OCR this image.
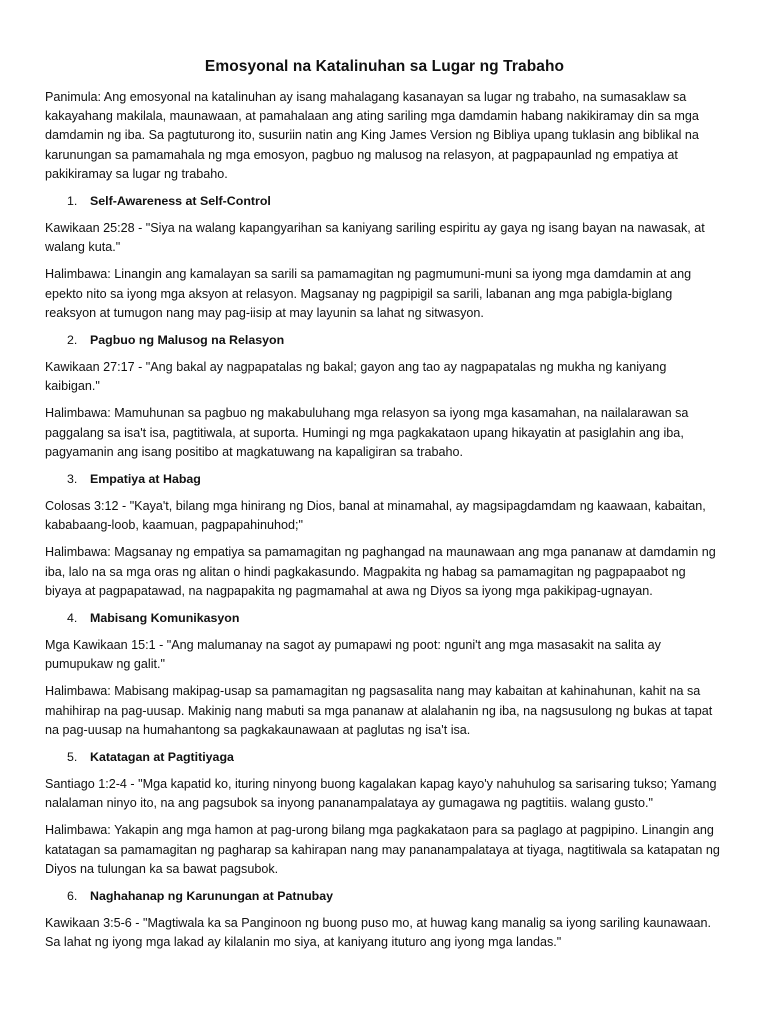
Emosyonal na Katalinuhan sa Lugar ng Trabaho

Panimula: Ang emosyonal na katalinuhan ay isang mahalagang kasanayan sa lugar ng trabaho, na sumasaklaw sa kakayahang makilala, maunawaan, at pamahalaan ang ating sariling mga damdamin habang nakikiramay din sa mga damdamin ng iba. Sa pagtuturong ito, susuriin natin ang King James Version ng Bibliya upang tuklasin ang biblikal na karunungan sa pamamahala ng mga emosyon, pagbuo ng malusog na relasyon, at pagpapaunlad ng empatiya at pakikiramay sa lugar ng trabaho.

1.	Self-Awareness at Self-Control

Kawikaan 25:28 - "Siya na walang kapangyarihan sa kaniyang sariling espiritu ay gaya ng isang bayan na nawasak, at walang kuta."

Halimbawa: Linangin ang kamalayan sa sarili sa pamamagitan ng pagmumuni-muni sa iyong mga damdamin at ang epekto nito sa iyong mga aksyon at relasyon. Magsanay ng pagpipigil sa sarili, labanan ang mga pabigla-biglang reaksyon at tumugon nang may pag-iisip at may layunin sa lahat ng sitwasyon.

2.	Pagbuo ng Malusog na Relasyon

Kawikaan 27:17 - "Ang bakal ay nagpapatalas ng bakal; gayon ang tao ay nagpapatalas ng mukha ng kaniyang kaibigan."

Halimbawa: Mamuhunan sa pagbuo ng makabuluhang mga relasyon sa iyong mga kasamahan, na nailalarawan sa paggalang sa isa't isa, pagtitiwala, at suporta. Humingi ng mga pagkakataon upang hikayatin at pasiglahin ang iba, pagyamanin ang isang positibo at magkatuwang na kapaligiran sa trabaho.

3.	Empatiya at Habag

Colosas 3:12 - "Kaya't, bilang mga hinirang ng Dios, banal at minamahal, ay magsipagdamdam ng kaawaan, kabaitan, kababaang-loob, kaamuan, pagpapahinuhod;"

Halimbawa: Magsanay ng empatiya sa pamamagitan ng paghangad na maunawaan ang mga pananaw at damdamin ng iba, lalo na sa mga oras ng alitan o hindi pagkakasundo. Magpakita ng habag sa pamamagitan ng pagpapaabot ng biyaya at pagpapatawad, na nagpapakita ng pagmamahal at awa ng Diyos sa iyong mga pakikipag-ugnayan.

4.	Mabisang Komunikasyon

Mga Kawikaan 15:1 - "Ang malumanay na sagot ay pumapawi ng poot: nguni't ang mga masasakit na salita ay pumupukaw ng galit."

Halimbawa: Mabisang makipag-usap sa pamamagitan ng pagsasalita nang may kabaitan at kahinahunan, kahit na sa mahihirap na pag-uusap. Makinig nang mabuti sa mga pananaw at alalahanin ng iba, na nagsusulong ng bukas at tapat na pag-uusap na humahantong sa pagkakaunawaan at paglutas ng isa't isa.

5.	Katatagan at Pagtitiyaga

Santiago 1:2-4 - "Mga kapatid ko, ituring ninyong buong kagalakan kapag kayo'y nahuhulog sa sarisaring tukso; Yamang nalalaman ninyo ito, na ang pagsubok sa inyong pananampalataya ay gumagawa ng pagtitiis. walang gusto."

Halimbawa: Yakapin ang mga hamon at pag-urong bilang mga pagkakataon para sa paglago at pagpipino. Linangin ang katatagan sa pamamagitan ng pagharap sa kahirapan nang may pananampalataya at tiyaga, nagtitiwala sa katapatan ng Diyos na tulungan ka sa bawat pagsubok.

6.	Naghahanap ng Karunungan at Patnubay

Kawikaan 3:5-6 - "Magtiwala ka sa Panginoon ng buong puso mo, at huwag kang manalig sa iyong sariling kaunawaan. Sa lahat ng iyong mga lakad ay kilalanin mo siya, at kaniyang ituturo ang iyong mga landas."
